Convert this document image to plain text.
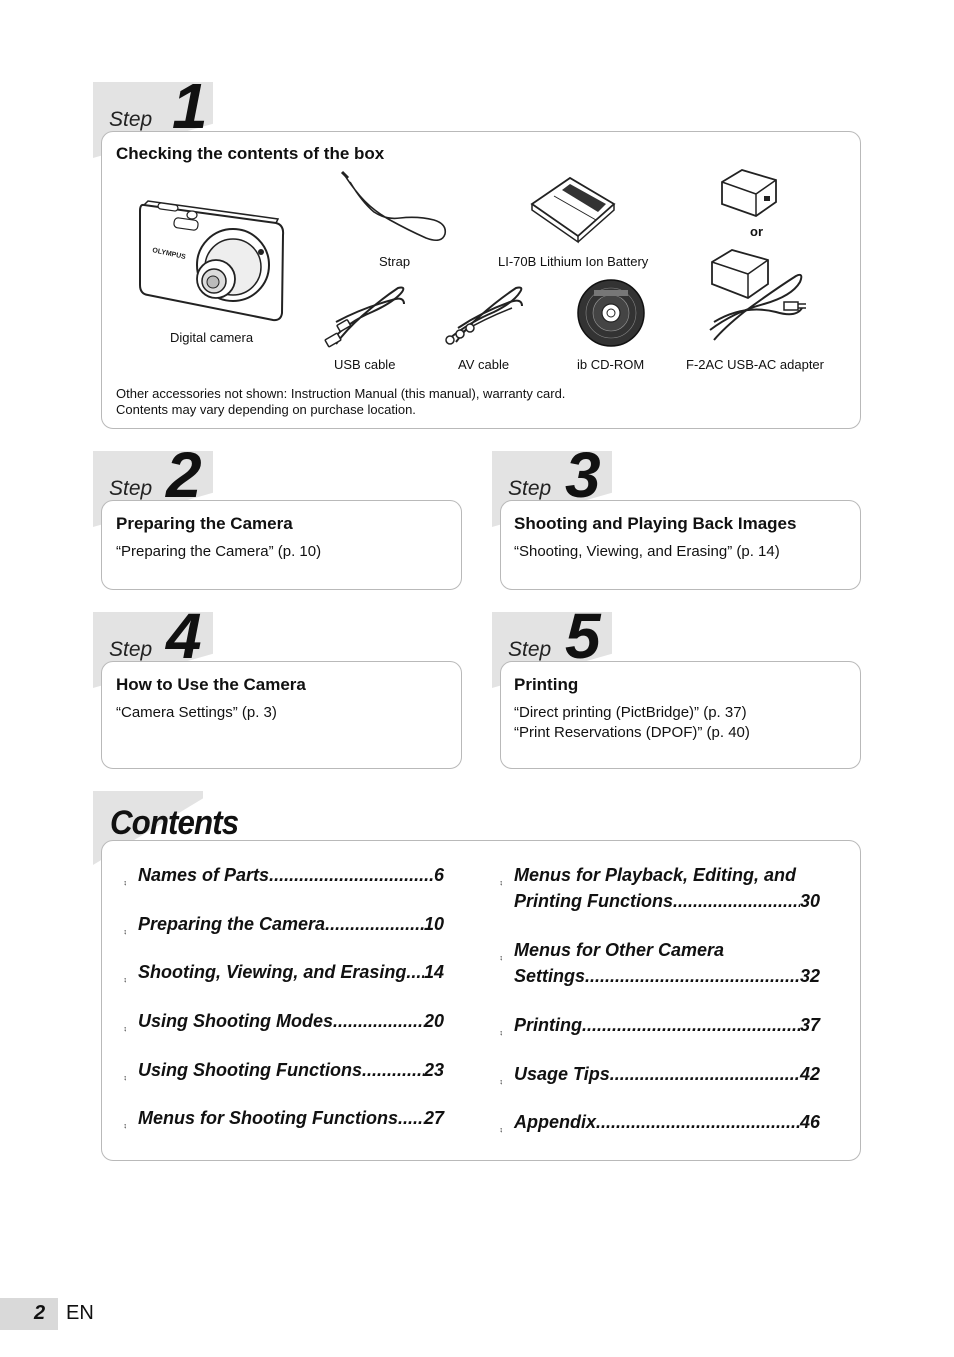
Step 1
Checking the contents of the box
OLYMPUS
Digital camera
Strap	LI-70B Lithium Ion Battery
or
F-2AC USB-AC adapter
USB cable	AV cable	ib CD-ROM
Other accessories not shown: Instruction Manual (this manual), warranty card.
Contents may vary depending on purchase location.
Step 2
Preparing the Camera
“Preparing the Camera” (p. 10)
Step 3
Shooting and Playing Back Images
“Shooting, Viewing, and Erasing” (p. 14)
Step 4
How to Use the Camera
“Camera Settings” (p. 3)
Step 5
Printing
“Direct printing (PictBridge)” (p. 37)
“Print Reservations (DPOF)” (p. 40)
Contents
⨾ Names of Parts .....	6
⨾ Preparing the Camera .....	10
⨾ Shooting, Viewing, and Erasing ..... 14
⨾ Using Shooting Modes .....	20
⨾ Using Shooting Functions .....	23
⨾ Menus for Shooting Functions ..... 27
⨾ Menus for Playback, Editing, and
Printing Functions .....	30
⨾ Menus for Other Camera
Settings .....	32
⨾ Printing .....	37
⨾ Usage Tips .....	42
⨾ Appendix .....	46
2 EN
